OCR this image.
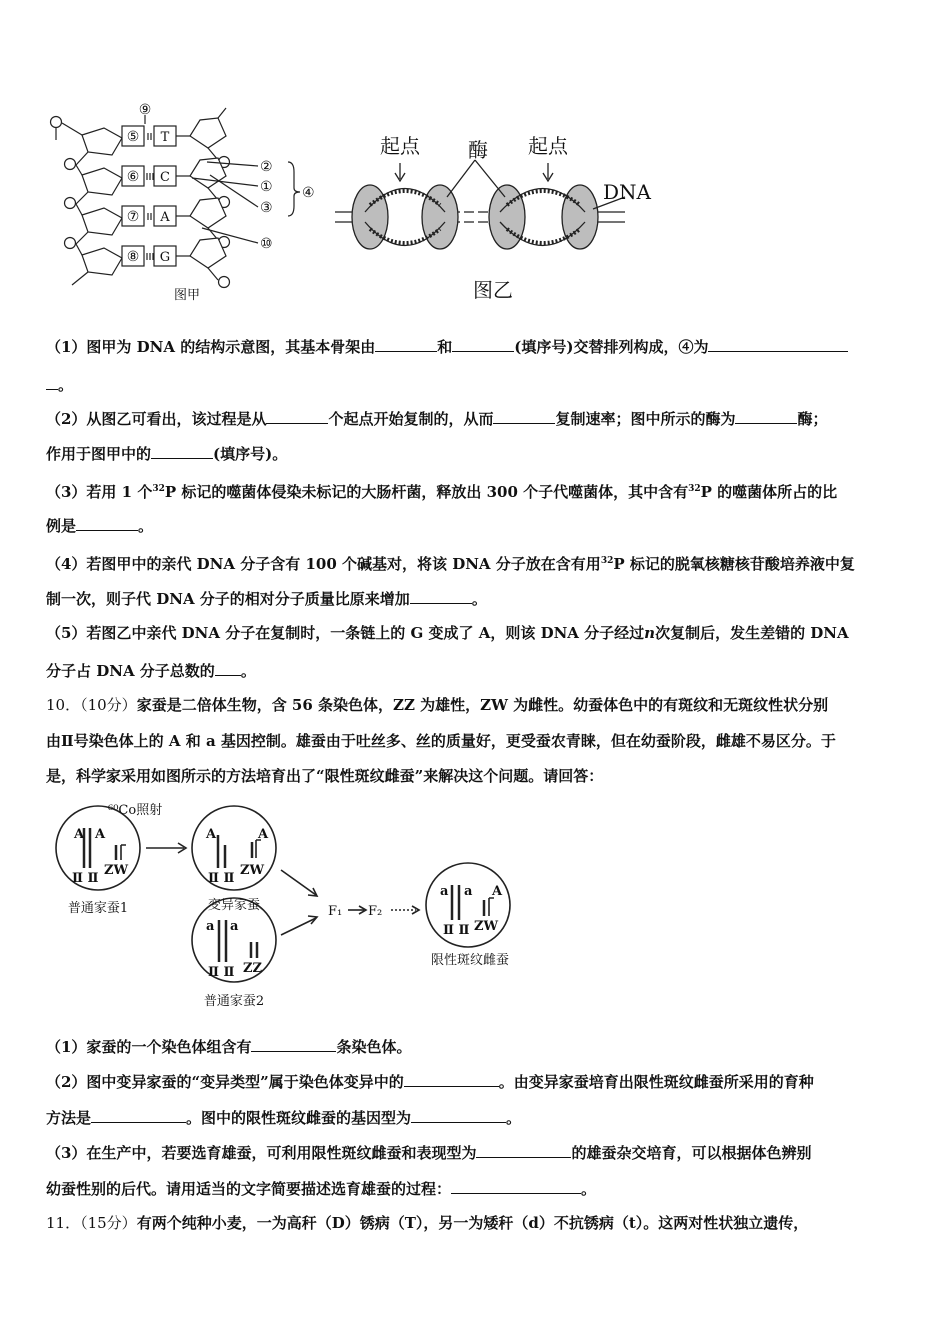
⑨
⑤
⑥
⑦
⑧
T
C
A
G
②
①
③
④
⑩
图甲
起点 酶 起点
DNA
图乙
（1）图甲为 DNA 的结构示意图，其基本骨架由	和	(填序号)交替排列构成，④为
。
（2）从图乙可看出，该过程是从	个起点开始复制的，从而	复制速率；图中所示的酶为	酶；
作用于图甲中的	(填序号)。
（3）若用 1 个$^{32}$P 标记的噬菌体侵染未标记的大肠杆菌，释放出 300 个子代噬菌体，其中含有$^{32}$P 的噬菌体所占的比
例是	。
（4）若图甲中的亲代 DNA 分子含有 100 个碱基对，将该 DNA 分子放在含有用$^{32}$P 标记的脱氧核糖核苷酸培养液中复
制一次，则子代 DNA 分子的相对分子质量比原来增加	。
（5）若图乙中亲代 DNA 分子在复制时，一条链上的 G 变成了 A，则该 DNA 分子经过n次复制后，发生差错的 DNA
分子占 DNA 分子总数的 。
10．（10分）家蚕是二倍体生物，含 56 条染色体，ZZ 为雄性，ZW 为雌性。幼蚕体色中的有斑纹和无斑纹性状分别
由Ⅱ号染色体上的 A 和 a 基因控制。雄蚕由于吐丝多、丝的质量好，更受蚕农青睐，但在幼蚕阶段，雌雄不易区分。于
是，科学家采用如图所示的方法培育出了“限性斑纹雌蚕”来解决这个问题。请回答：
A A
Ⅱ Ⅱ
ZW
⁶⁰Co照射
普通家蚕1
A	A
Ⅱ Ⅱ
ZW
变异家蚕
a a
Ⅱ Ⅱ ZZ
普通家蚕2
F₁ F₂
a a A
Ⅱ Ⅱ ZW
限性斑纹雌蚕
（1）家蚕的一个染色体组含有	条染色体。
（2）图中变异家蚕的“变异类型”属于染色体变异中的	。由变异家蚕培育出限性斑纹雌蚕所采用的育种
方法是	。图中的限性斑纹雌蚕的基因型为	。
（3）在生产中，若要选育雄蚕，可利用限性斑纹雌蚕和表现型为	的雄蚕杂交培育，可以根据体色辨别
幼蚕性别的后代。请用适当的文字简要描述选育雄蚕的过程：	。
11．（15分）有两个纯种小麦，一为高秆（D）锈病（T），另一为矮秆（d）不抗锈病（t）。这两对性状独立遗传，
